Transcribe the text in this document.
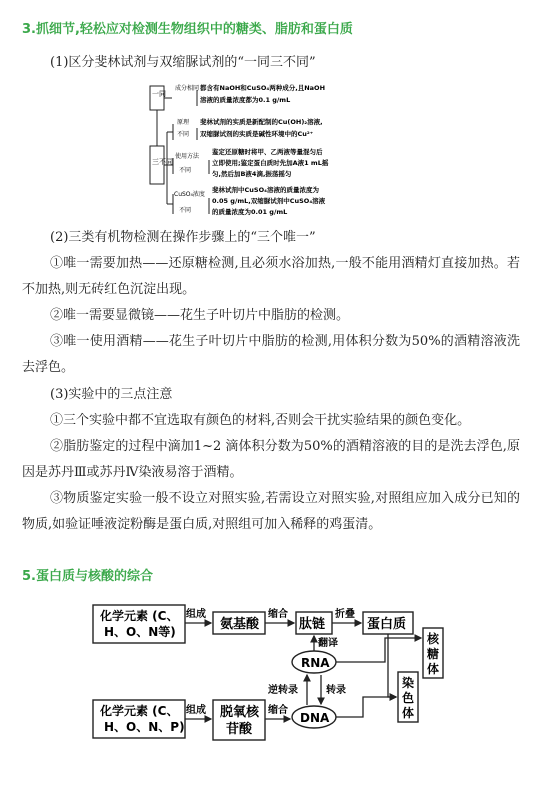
3.抓细节,轻松应对检测生物组织中的糖类、脂肪和蛋白质
(1)区分斐林试剂与双缩脲试剂的“一同三不同”
一同
三不同
成分相同 都含有NaOH和CuSO₄两种成分,且NaOH
溶液的质量浓度都为0.1 g/mL
原理
不同
斐林试剂的实质是新配制的Cu(OH)₂溶液,
双缩脲试剂的实质是碱性环境中的Cu²⁺
使用方法
不同
鉴定还原糖时将甲、乙两液等量混匀后
立即使用;鉴定蛋白质时先加A液1 mL摇
匀,然后加B液4滴,振荡摇匀
CuSO₄浓度
不同
斐林试剂中CuSO₄溶液的质量浓度为
0.05 g/mL,双缩脲试剂中CuSO₄溶液
的质量浓度为0.01 g/mL
(2)三类有机物检测在操作步骤上的“三个唯一”
①唯一需要加热——还原糖检测,且必须水浴加热,一般不能用酒精灯直接加热。若不加热,则无砖红色沉淀出现。
②唯一需要显微镜——花生子叶切片中脂肪的检测。
③唯一使用酒精——花生子叶切片中脂肪的检测,用体积分数为50%的酒精溶液洗去浮色。
(3)实验中的三点注意
①三个实验中都不宜选取有颜色的材料,否则会干扰实验结果的颜色变化。
②脂肪鉴定的过程中滴加1~2 滴体积分数为50%的酒精溶液的目的是洗去浮色,原因是苏丹Ⅲ或苏丹Ⅳ染液易溶于酒精。
③物质鉴定实验一般不设立对照实验,若需设立对照实验,对照组应加入成分已知的物质,如验证唾液淀粉酶是蛋白质,对照组可加入稀释的鸡蛋清。
5.蛋白质与核酸的综合
化学元素 (C、
H、O、N等)
组成
氨基酸
缩合
肽链
折叠
蛋白质
翻译
RNA
逆转录	转录
DNA
化学元素 (C、
H、O、N、P)
组成 脱氧核
苷酸
缩合
核
糖
体
染
色
体
